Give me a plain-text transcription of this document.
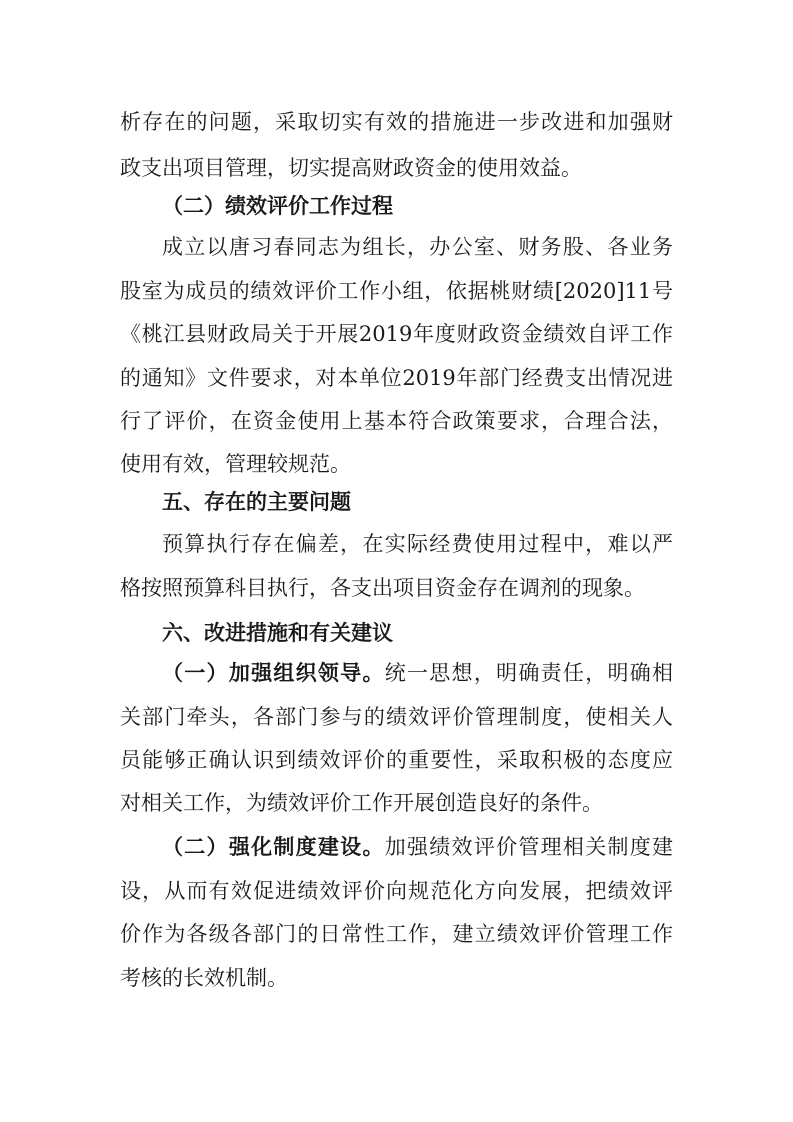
析存在的问题，采取切实有效的措施进一步改进和加强财
政支出项目管理，切实提高财政资金的使用效益。
（二）绩效评价工作过程
成立以唐习春同志为组长，办公室、财务股、各业务
股室为成员的绩效评价工作小组，依据桃财绩[2020]11号
《桃江县财政局关于开展2019年度财政资金绩效自评工作
的通知》文件要求，对本单位2019年部门经费支出情况进
行了评价，在资金使用上基本符合政策要求，合理合法，
使用有效，管理较规范。
五、存在的主要问题
预算执行存在偏差，在实际经费使用过程中，难以严
格按照预算科目执行，各支出项目资金存在调剂的现象。
六、改进措施和有关建议
（一）加强组织领导。统一思想，明确责任，明确相
关部门牵头，各部门参与的绩效评价管理制度，使相关人
员能够正确认识到绩效评价的重要性，采取积极的态度应
对相关工作，为绩效评价工作开展创造良好的条件。
（二）强化制度建设。加强绩效评价管理相关制度建
设，从而有效促进绩效评价向规范化方向发展，把绩效评
价作为各级各部门的日常性工作，建立绩效评价管理工作
考核的长效机制。
